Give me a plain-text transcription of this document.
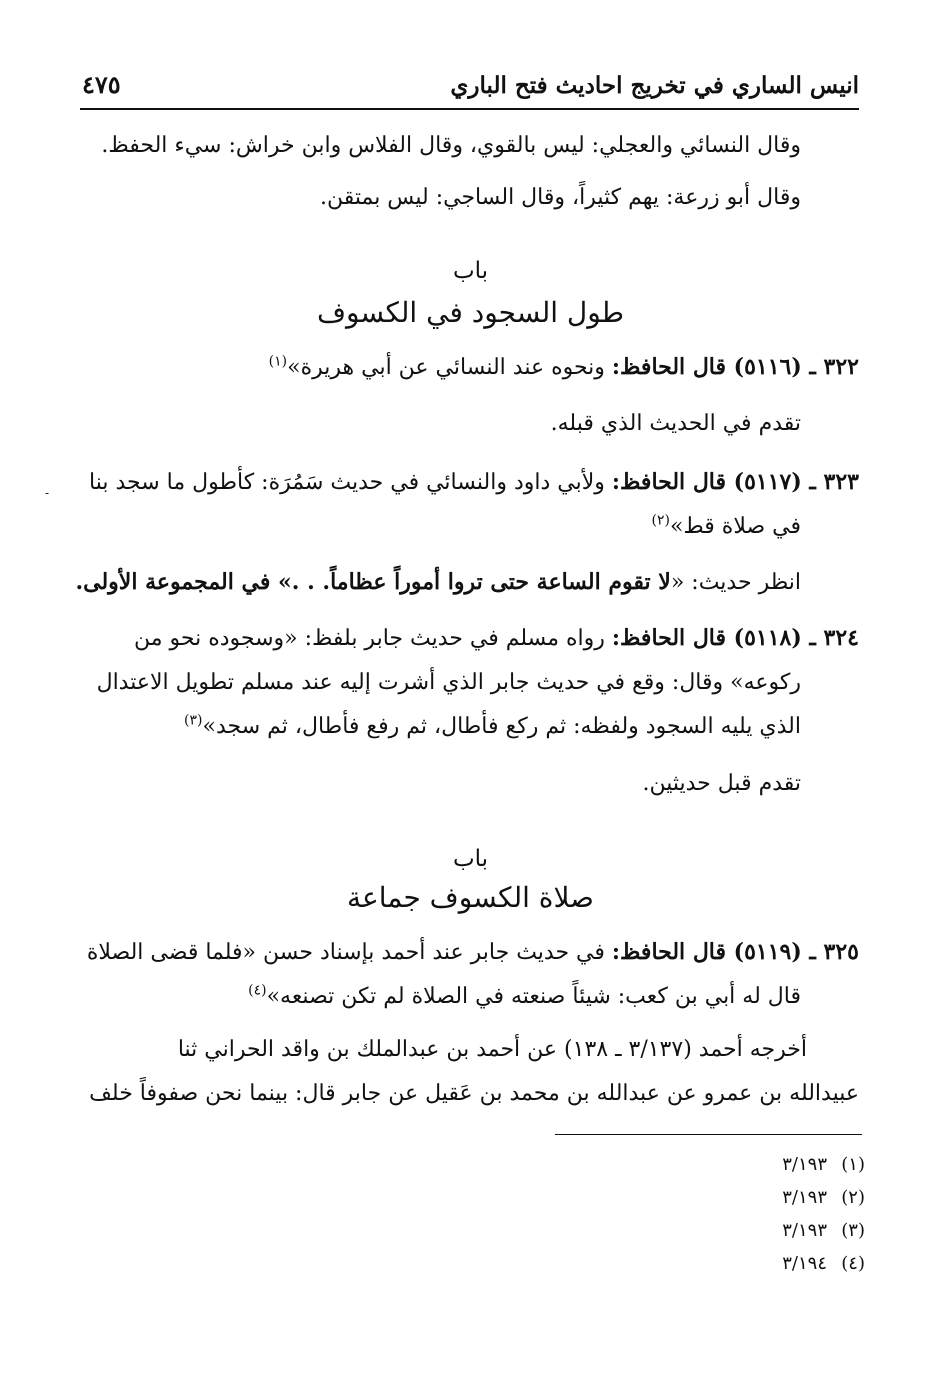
انيس الساري في تخريج احاديث فتح الباري
٤٧٥

وقال النسائي والعجلي: ليس بالقوي، وقال الفلاس وابن خراش: سيء الحفظ.

وقال أبو زرعة: يهم كثيراً، وقال الساجي: ليس بمتقن.

باب

طول السجود في الكسوف

٣٢٢ ـ (٥١١٦) قال الحافظ: ونحوه عند النسائي عن أبي هريرة»$^{(١)}$

تقدم في الحديث الذي قبله.

٣٢٣ ـ (٥١١٧) قال الحافظ: ولأبي داود والنسائي في حديث سَمُرَة: كأطول ما سجد بنا
في صلاة قط»$^{(٢)}$

انظر حديث: «لا تقوم الساعة حتى تروا أموراً عظاماً. . .» في المجموعة الأولى.

٣٢٤ ـ (٥١١٨) قال الحافظ: رواه مسلم في حديث جابر بلفظ: «وسجوده نحو من
ركوعه» وقال: وقع في حديث جابر الذي أشرت إليه عند مسلم تطويل الاعتدال
الذي يليه السجود ولفظه: ثم ركع فأطال، ثم رفع فأطال، ثم سجد»$^{(٣)}$

تقدم قبل حديثين.

باب

صلاة الكسوف جماعة

٣٢٥ ـ (٥١١٩) قال الحافظ: في حديث جابر عند أحمد بإسناد حسن «فلما قضى الصلاة
قال له أبي بن كعب: شيئاً صنعته في الصلاة لم تكن تصنعه»$^{(٤)}$

أخرجه أحمد (٣/١٣٧ ـ ١٣٨) عن أحمد بن عبدالملك بن واقد الحراني ثنا
عبيدالله بن عمرو عن عبدالله بن محمد بن عَقيل عن جابر قال: بينما نحن صفوفاً خلف

(١)٣/١٩٣
(٢)٣/١٩٣
(٣)٣/١٩٣
(٤)٣/١٩٤
-
